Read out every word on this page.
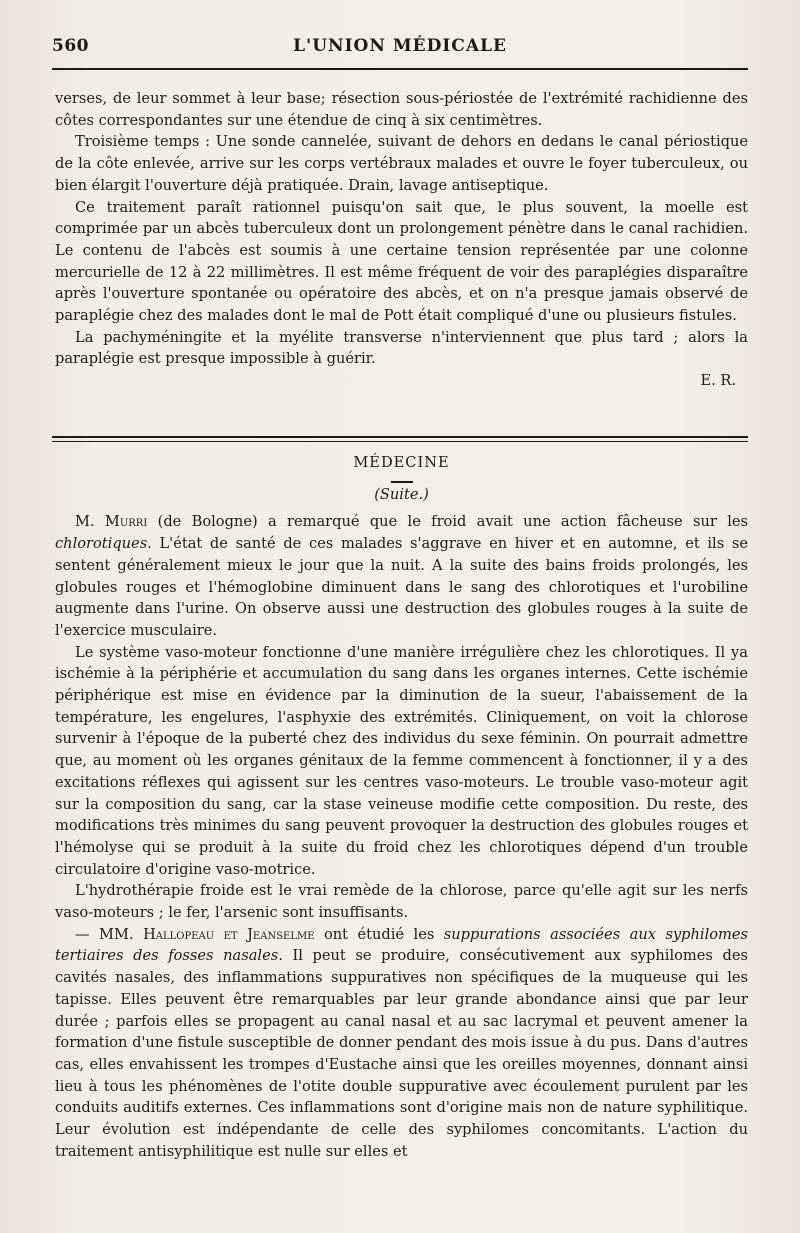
560	L'UNION MÉDICALE

verses, de leur sommet à leur base; résection sous-périostée de l'extrémité rachidienne des côtes correspondantes sur une étendue de cinq à six centimètres.

Troisième temps : Une sonde cannelée, suivant de dehors en dedans le canal périostique de la côte enlevée, arrive sur les corps vertébraux malades et ouvre le foyer tuberculeux, ou bien élargit l'ouverture déjà pratiquée. Drain, lavage antiseptique.

Ce traitement paraît rationnel puisqu'on sait que, le plus souvent, la moelle est comprimée par un abcès tuberculeux dont un prolongement pénètre dans le canal rachidien. Le contenu de l'abcès est soumis à une certaine tension représentée par une colonne mercurielle de 12 à 22 millimètres. Il est même fréquent de voir des paraplégies disparaître après l'ouverture spontanée ou opératoire des abcès, et on n'a presque jamais observé de paraplégie chez des malades dont le mal de Pott était compliqué d'une ou plusieurs fistules.

La pachyméningite et la myélite transverse n'interviennent que plus tard ; alors la paraplégie est presque impossible à guérir.

E. R.

MÉDECINE

(Suite.)

M. Murri (de Bologne) a remarqué que le froid avait une action fâcheuse sur les chlorotiques. L'état de santé de ces malades s'aggrave en hiver et en automne, et ils se sentent généralement mieux le jour que la nuit. A la suite des bains froids prolongés, les globules rouges et l'hémoglobine diminuent dans le sang des chlorotiques et l'urobiline augmente dans l'urine. On observe aussi une destruction des globules rouges à la suite de l'exercice musculaire.

Le système vaso-moteur fonctionne d'une manière irrégulière chez les chlorotiques. Il ya ischémie à la périphérie et accumulation du sang dans les organes internes. Cette ischémie périphérique est mise en évidence par la diminution de la sueur, l'abaissement de la température, les engelures, l'asphyxie des extrémités. Cliniquement, on voit la chlorose survenir à l'époque de la puberté chez des individus du sexe féminin. On pourrait admettre que, au moment où les organes génitaux de la femme commencent à fonctionner, il y a des excitations réflexes qui agissent sur les centres vaso-moteurs. Le trouble vaso-moteur agit sur la composition du sang, car la stase veineuse modifie cette composition. Du reste, des modifications très minimes du sang peuvent provoquer la destruction des globules rouges et l'hémolyse qui se produit à la suite du froid chez les chlorotiques dépend d'un trouble circulatoire d'origine vaso-motrice.

L'hydrothérapie froide est le vrai remède de la chlorose, parce qu'elle agit sur les nerfs vaso-moteurs ; le fer, l'arsenic sont insuffisants.

— MM. Hallopeau et Jeanselme ont étudié les suppurations associées aux syphilomes tertiaires des fosses nasales. Il peut se produire, consécutivement aux syphilomes des cavités nasales, des inflammations suppuratives non spécifiques de la muqueuse qui les tapisse. Elles peuvent être remarquables par leur grande abondance ainsi que par leur durée ; parfois elles se propagent au canal nasal et au sac lacrymal et peuvent amener la formation d'une fistule susceptible de donner pendant des mois issue à du pus. Dans d'autres cas, elles envahissent les trompes d'Eustache ainsi que les oreilles moyennes, donnant ainsi lieu à tous les phénomènes de l'otite double suppurative avec écoulement purulent par les conduits auditifs externes. Ces inflammations sont d'origine mais non de nature syphilitique. Leur évolution est indépendante de celle des syphilomes concomitants. L'action du traitement antisyphilitique est nulle sur elles et
